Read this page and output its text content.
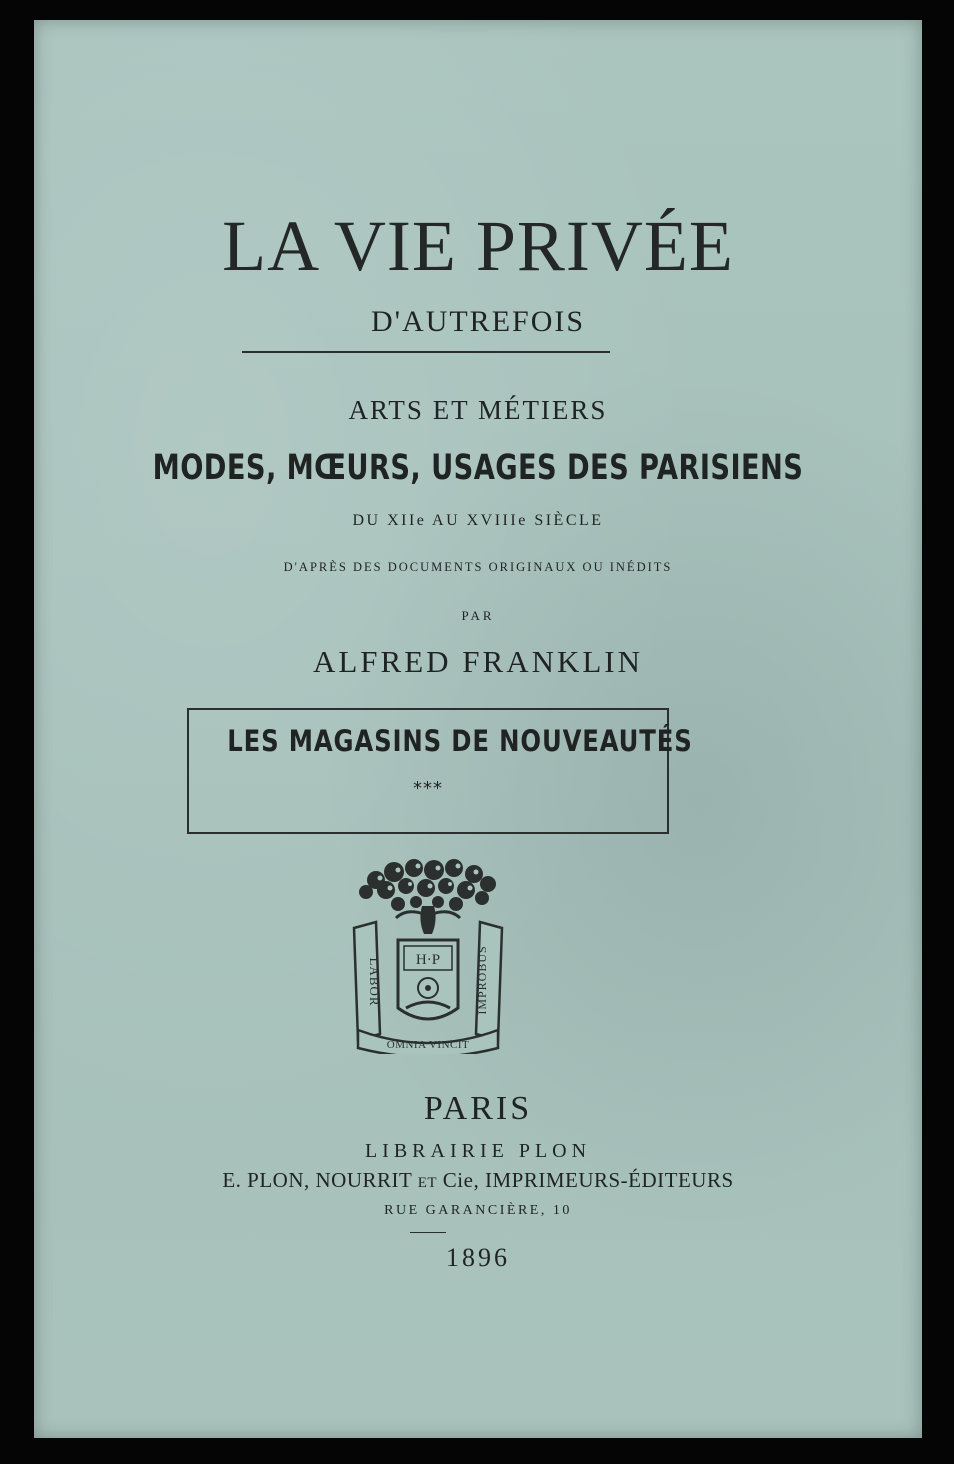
LA VIE PRIVÉE
D'AUTREFOIS
ARTS ET MÉTIERS
MODES, MŒURS, USAGES DES PARISIENS
DU XIIe AU XVIIIe SIÈCLE
D'APRÈS DES DOCUMENTS ORIGINAUX OU INÉDITS
PAR
ALFRED FRANKLIN
LES MAGASINS DE NOUVEAUTÉS
***
H·P
LABOR	IMPROBUS
OMNIA VINCIT
PARIS
LIBRAIRIE PLON
E. PLON, NOURRIT ET Cie, IMPRIMEURS-ÉDITEURS
RUE GARANCIÈRE, 10
1896
